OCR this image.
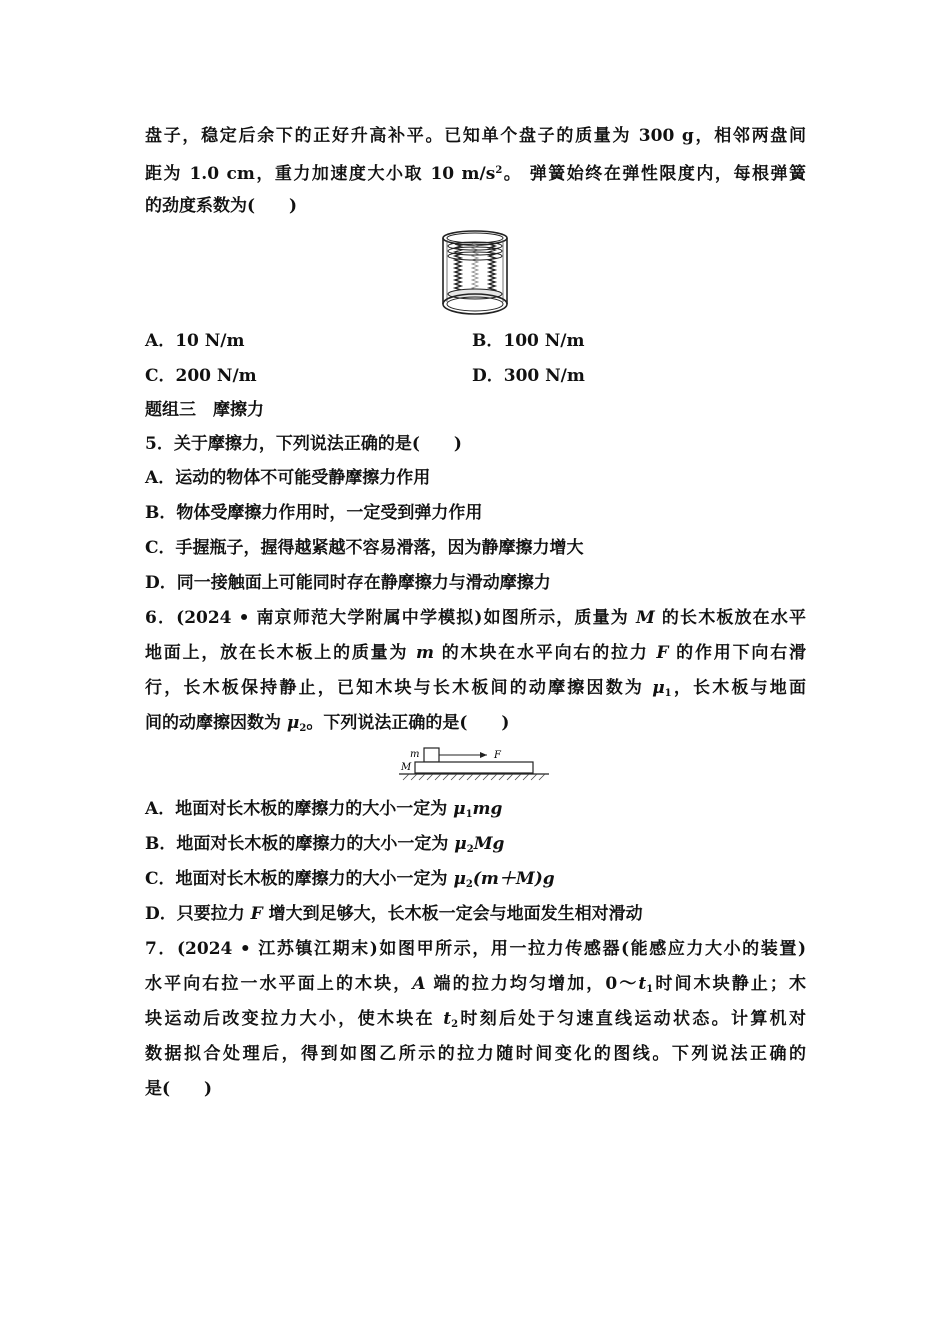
盘子，稳定后余下的正好升高补平。已知单个盘子的质量为 300 g，相邻两盘间
距为 1.0 cm，重力加速度大小取 10 $m/s^2$。 弹簧始终在弹性限度内，每根弹簧
的劲度系数为(　　)
A．10 N/m	B．100 N/m
C．200 N/m	D．300 N/m
题组三　摩擦力
5．关于摩擦力，下列说法正确的是(　　)
A．运动的物体不可能受静摩擦力作用
B．物体受摩擦力作用时，一定受到弹力作用
C．手握瓶子，握得越紧越不容易滑落，因为静摩擦力增大
D．同一接触面上可能同时存在静摩擦力与滑动摩擦力
6．(2024 • 南京师范大学附属中学模拟)如图所示，质量为 M 的长木板放在水平
地面上，放在长木板上的质量为 m 的木块在水平向右的拉力 F 的作用下向右滑
行，长木板保持静止，已知木块与长木板间的动摩擦因数为 $\mu_1$，长木板与地面
间的动摩擦因数为 $\mu_2$。下列说法正确的是(　　)
m
M
F
A．地面对长木板的摩擦力的大小一定为 $\mu_1mg$
B．地面对长木板的摩擦力的大小一定为 $\mu_2Mg$
C．地面对长木板的摩擦力的大小一定为 $\mu_2(m+M)g$
D．只要拉力 F 增大到足够大，长木板一定会与地面发生相对滑动
7．(2024 • 江苏镇江期末)如图甲所示，用一拉力传感器(能感应力大小的装置)
水平向右拉一水平面上的木块，A 端的拉力均匀增加，$0\sim t_1$时间木块静止；木
块运动后改变拉力大小，使木块在 $t_2$时刻后处于匀速直线运动状态。计算机对
数据拟合处理后，得到如图乙所示的拉力随时间变化的图线。下列说法正确的
是(　　)
